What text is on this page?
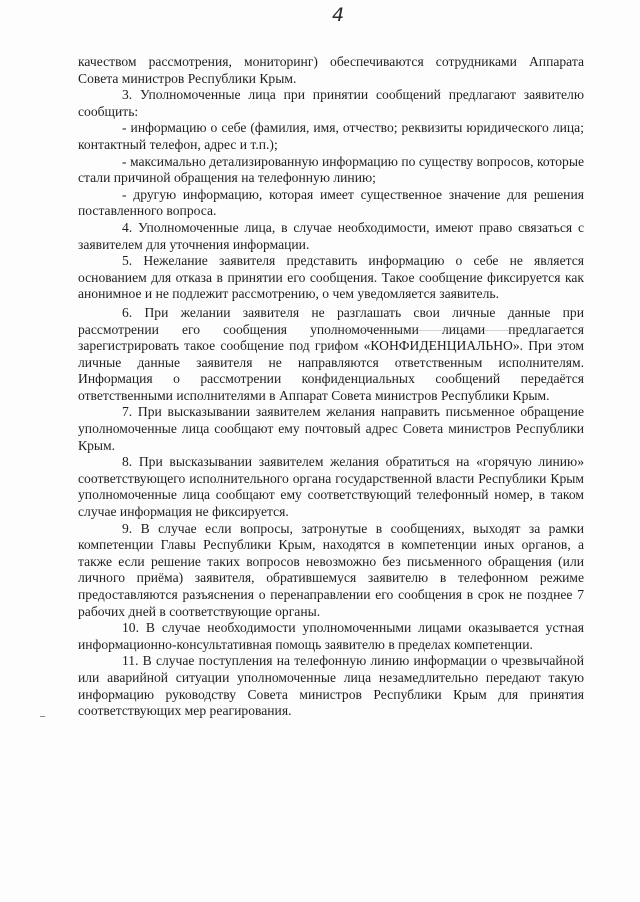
4

качеством рассмотрения, мониторинг) обеспечиваются сотрудниками Аппарата Совета министров Республики Крым.

3. Уполномоченные лица при принятии сообщений предлагают заявителю сообщить:

- информацию о себе (фамилия, имя, отчество; реквизиты юридического лица; контактный телефон, адрес и т.п.);

- максимально детализированную информацию по существу вопросов, которые стали причиной обращения на телефонную линию;

- другую информацию, которая имеет существенное значение для решения поставленного вопроса.

4. Уполномоченные лица, в случае необходимости, имеют право связаться с заявителем для уточнения информации.

5. Нежелание заявителя представить информацию о себе не является основанием для отказа в принятии его сообщения. Такое сообщение фиксируется как анонимное и не подлежит рассмотрению, о чем уведомляется заявитель.

6. При желании заявителя не разглашать свои личные данные при рассмотрении его сообщения уполномоченными лицами предлагается зарегистрировать такое сообщение под грифом «КОНФИДЕНЦИАЛЬНО». При этом личные данные заявителя не направляются ответственным исполнителям. Информация о рассмотрении конфиденциальных сообщений передаётся ответственными исполнителями в Аппарат Совета министров Республики Крым.

7. При высказывании заявителем желания направить письменное обращение уполномоченные лица сообщают ему почтовый адрес Совета министров Республики Крым.

8. При высказывании заявителем желания обратиться на «горячую линию» соответствующего исполнительного органа государственной власти Республики Крым уполномоченные лица сообщают ему соответствующий телефонный номер, в таком случае информация не фиксируется.

9. В случае если вопросы, затронутые в сообщениях, выходят за рамки компетенции Главы Республики Крым, находятся в компетенции иных органов, а также если решение таких вопросов невозможно без письменного обращения (или личного приёма) заявителя, обратившемуся заявителю в телефонном режиме предоставляются разъяснения о перенаправлении его сообщения в срок не позднее 7 рабочих дней в соответствующие органы.

10. В случае необходимости уполномоченными лицами оказывается устная информационно-консультативная помощь заявителю в пределах компетенции.

11. В случае поступления на телефонную линию информации о чрезвычайной или аварийной ситуации уполномоченные лица незамедлительно передают такую информацию руководству Совета министров Республики Крым для принятия соответствующих мер реагирования.
